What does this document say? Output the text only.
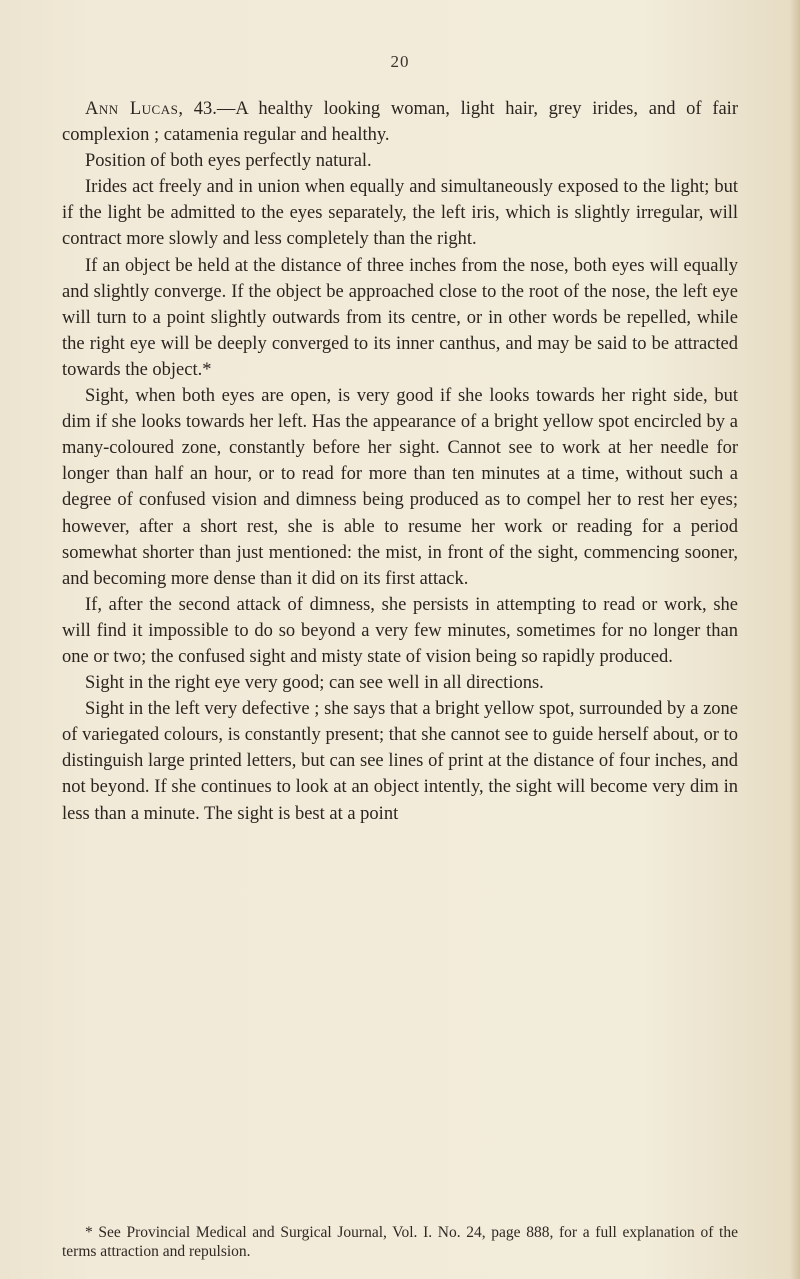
20

Ann Lucas, 43.—A healthy looking woman, light hair, grey irides, and of fair complexion ; catamenia regular and healthy.

Position of both eyes perfectly natural.

Irides act freely and in union when equally and simultaneously exposed to the light; but if the light be admitted to the eyes separately, the left iris, which is slightly irregular, will contract more slowly and less completely than the right.

If an object be held at the distance of three inches from the nose, both eyes will equally and slightly converge. If the object be approached close to the root of the nose, the left eye will turn to a point slightly outwards from its centre, or in other words be repelled, while the right eye will be deeply converged to its inner canthus, and may be said to be attracted towards the object.*

Sight, when both eyes are open, is very good if she looks towards her right side, but dim if she looks towards her left. Has the appearance of a bright yellow spot encircled by a many-coloured zone, constantly before her sight. Cannot see to work at her needle for longer than half an hour, or to read for more than ten minutes at a time, without such a degree of confused vision and dimness being produced as to compel her to rest her eyes; however, after a short rest, she is able to resume her work or reading for a period somewhat shorter than just mentioned: the mist, in front of the sight, commencing sooner, and becoming more dense than it did on its first attack.

If, after the second attack of dimness, she persists in attempting to read or work, she will find it impossible to do so beyond a very few minutes, sometimes for no longer than one or two; the confused sight and misty state of vision being so rapidly produced.

Sight in the right eye very good; can see well in all directions.

Sight in the left very defective ; she says that a bright yellow spot, surrounded by a zone of variegated colours, is constantly present; that she cannot see to guide herself about, or to distinguish large printed letters, but can see lines of print at the distance of four inches, and not beyond. If she continues to look at an object intently, the sight will become very dim in less than a minute. The sight is best at a point

* See Provincial Medical and Surgical Journal, Vol. I. No. 24, page 888, for a full explanation of the terms attraction and repulsion.
